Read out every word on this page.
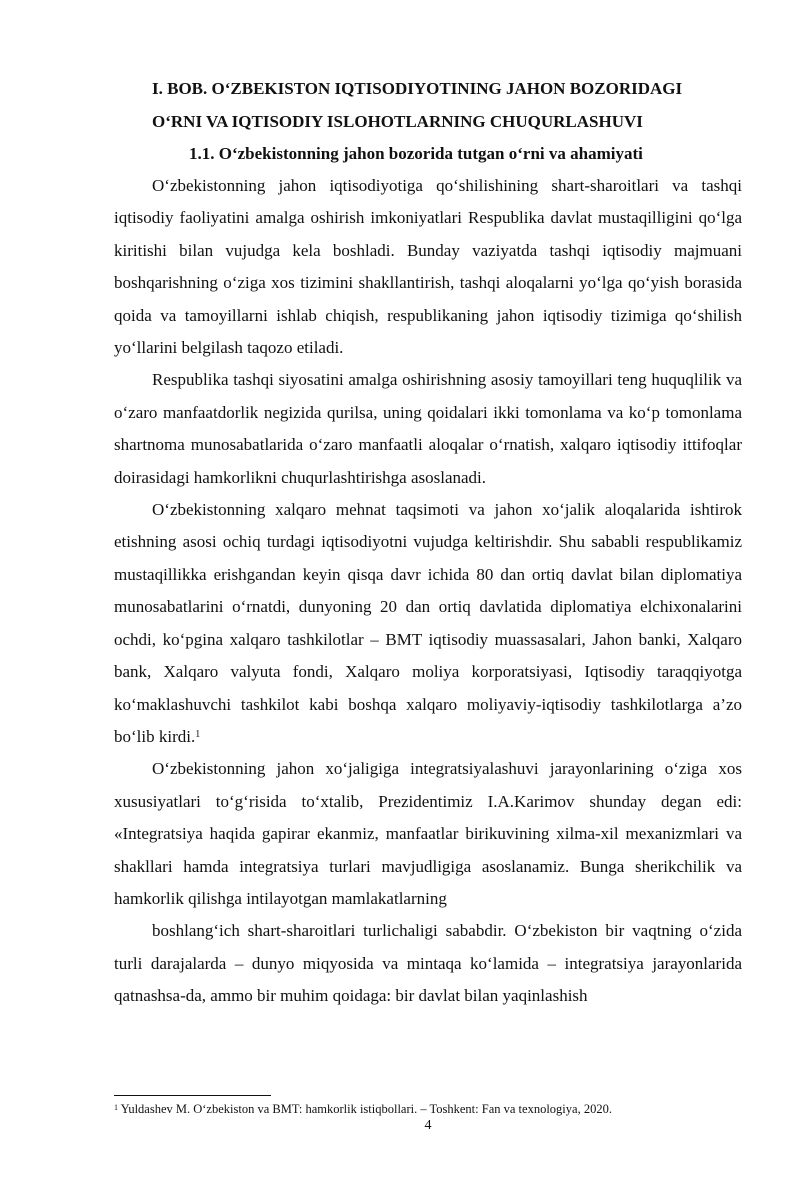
I. BOB. O‘ZBEKISTON IQTISODIYOTINING JAHON BOZORIDAGI
O‘RNI VA IQTISODIY ISLOHOTLARNING CHUQURLASHUVI
1.1. O‘zbekistonning jahon bozorida tutgan o‘rni va ahamiyati

O‘zbekistonning jahon iqtisodiyotiga qo‘shilishining shart-sharoitlari va tashqi iqtisodiy faoliyatini amalga oshirish imkoniyatlari Respublika davlat mustaqilligini qo‘lga kiritishi bilan vujudga kela boshladi. Bunday vaziyatda tashqi iqtisodiy majmuani boshqarishning o‘ziga xos tizimini shakllantirish, tashqi aloqalarni yo‘lga qo‘yish borasida qoida va tamoyillarni ishlab chiqish, respublikaning jahon iqtisodiy tizimiga qo‘shilish yo‘llarini belgilash taqozo etiladi.

Respublika tashqi siyosatini amalga oshirishning asosiy tamoyillari teng huquqlilik va o‘zaro manfaatdorlik negizida qurilsa, uning qoidalari ikki tomonlama va ko‘p tomonlama shartnoma munosabatlarida o‘zaro manfaatli aloqalar o‘rnatish, xalqaro iqtisodiy ittifoqlar doirasidagi hamkorlikni chuqurlashtirishga asoslanadi.

O‘zbekistonning xalqaro mehnat taqsimoti va jahon xo‘jalik aloqalarida ishtirok etishning asosi ochiq turdagi iqtisodiyotni vujudga keltirishdir. Shu sababli respublikamiz mustaqillikka erishgandan keyin qisqa davr ichida 80 dan ortiq davlat bilan diplomatiya munosabatlarini o‘rnatdi, dunyoning 20 dan ortiq davlatida diplomatiya elchixonalarini ochdi, ko‘pgina xalqaro tashkilotlar – BMT iqtisodiy muassasalari, Jahon banki, Xalqaro bank, Xalqaro valyuta fondi, Xalqaro moliya korporatsiyasi, Iqtisodiy taraqqiyotga ko‘maklashuvchi tashkilot kabi boshqa xalqaro moliyaviy-iqtisodiy tashkilotlarga a’zo bo‘lib kirdi.$^1$

O‘zbekistonning jahon xo‘jaligiga integratsiyalashuvi jarayonlarining o‘ziga xos xususiyatlari to‘g‘risida to‘xtalib, Prezidentimiz I.A.Karimov shunday degan edi: «Integratsiya haqida gapirar ekanmiz, manfaatlar birikuvining xilma-xil mexanizmlari va shakllari hamda integratsiya turlari mavjudligiga asoslanamiz. Bunga sherikchilik va hamkorlik qilishga intilayotgan mamlakatlarning

boshlang‘ich shart-sharoitlari turlichaligi sababdir. O‘zbekiston bir vaqtning o‘zida turli darajalarda – dunyo miqyosida va mintaqa ko‘lamida – integratsiya jarayonlarida qatnashsa-da, ammo bir muhim qoidaga: bir davlat bilan yaqinlashish

$^1$ Yuldashev M. O‘zbekiston va BMT: hamkorlik istiqbollari. – Toshkent: Fan va texnologiya, 2020.
4
